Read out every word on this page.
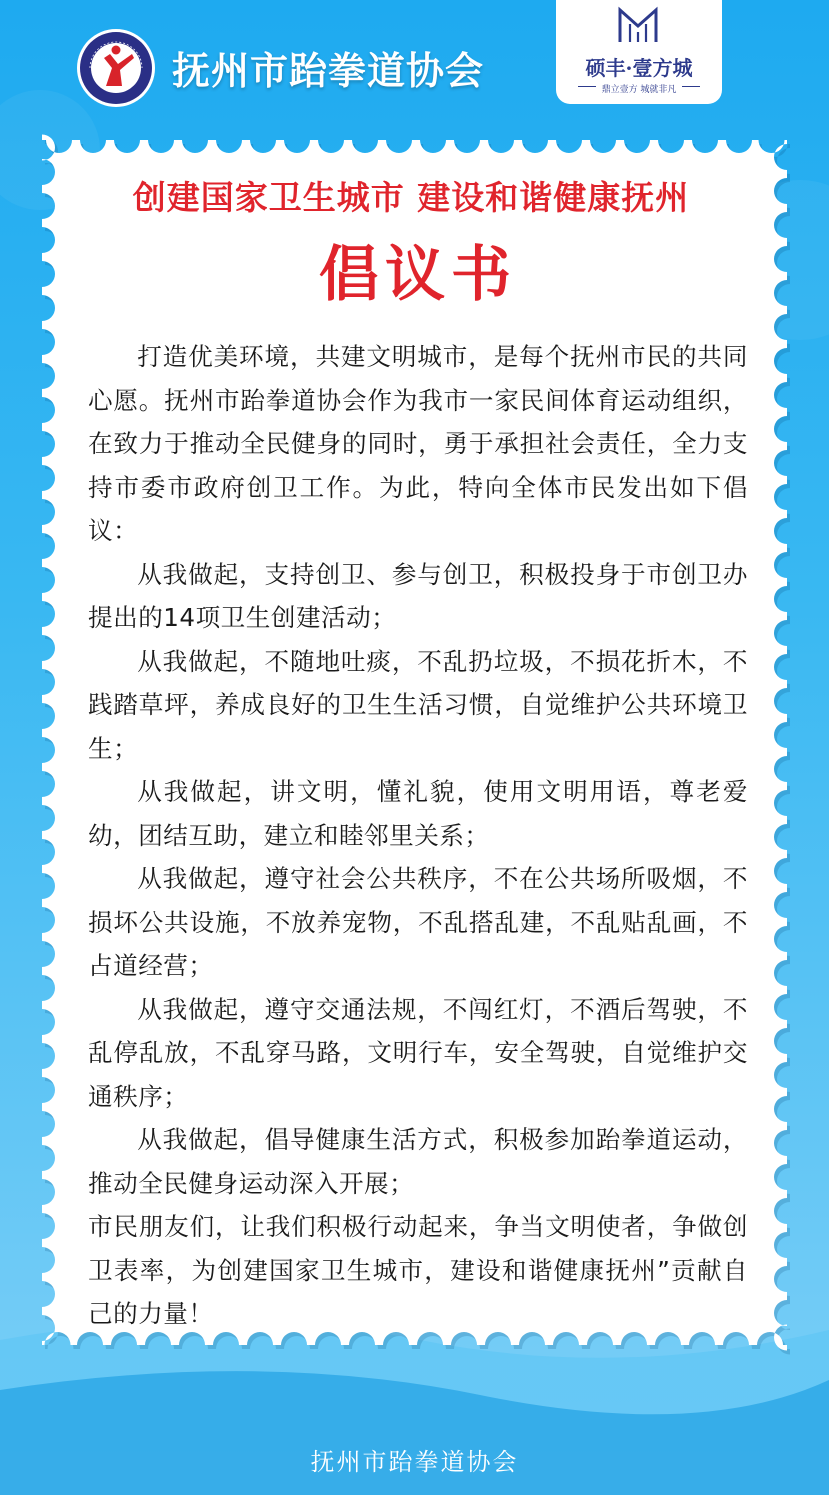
抚州市跆拳道协会	硕丰·壹方城
鼎立壹方 城就非凡
创建国家卫生城市 建设和谐健康抚州
倡议书

打造优美环境，共建文明城市，是每个抚州市民的共同心愿。抚州市跆拳道协会作为我市一家民间体育运动组织，在致力于推动全民健身的同时，勇于承担社会责任，全力支持市委市政府创卫工作。为此，特向全体市民发出如下倡议：

从我做起，支持创卫、参与创卫，积极投身于市创卫办提出的14项卫生创建活动；

从我做起，不随地吐痰，不乱扔垃圾，不损花折木，不践踏草坪，养成良好的卫生生活习惯，自觉维护公共环境卫生；

从我做起，讲文明，懂礼貌，使用文明用语，尊老爱幼，团结互助，建立和睦邻里关系；

从我做起，遵守社会公共秩序，不在公共场所吸烟，不损坏公共设施，不放养宠物，不乱搭乱建，不乱贴乱画，不占道经营；

从我做起，遵守交通法规，不闯红灯，不酒后驾驶，不乱停乱放，不乱穿马路，文明行车，安全驾驶，自觉维护交通秩序；

从我做起，倡导健康生活方式，积极参加跆拳道运动，推动全民健身运动深入开展；

市民朋友们，让我们积极行动起来，争当文明使者，争做创卫表率，为创建国家卫生城市，建设和谐健康抚州”贡献自己的力量！

抚州市跆拳道协会
